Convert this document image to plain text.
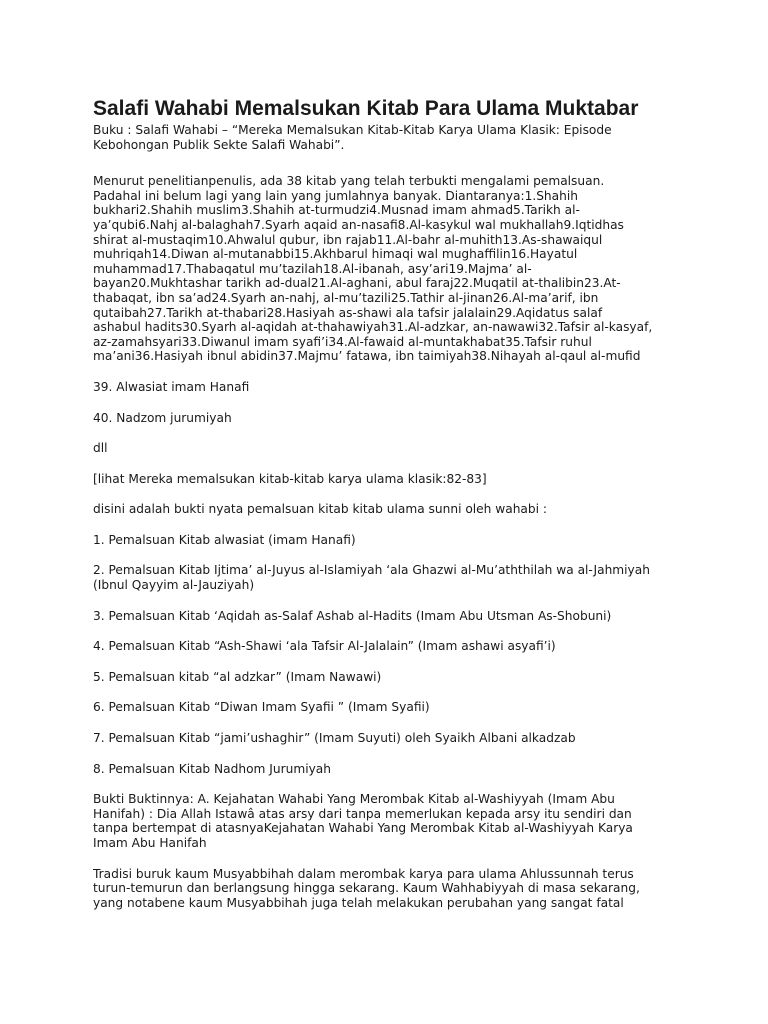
Salafi Wahabi Memalsukan Kitab Para Ulama Muktabar

Buku : Salafi Wahabi – “Mereka Memalsukan Kitab-Kitab Karya Ulama Klasik: Episode Kebohongan Publik Sekte Salafi Wahabi”.

Menurut penelitianpenulis, ada 38 kitab yang telah terbukti mengalami pemalsuan. Padahal ini belum lagi yang lain yang jumlahnya banyak. Diantaranya:1.Shahih bukhari2.Shahih muslim3.Shahih at-turmudzi4.Musnad imam ahmad5.Tarikh al-ya’qubi6.Nahj al-balaghah7.Syarh aqaid an-nasafi8.Al-kasykul wal mukhallah9.Iqtidhas shirat al-mustaqim10.Ahwalul qubur, ibn rajab11.Al-bahr al-muhith13.As-shawaiqul muhriqah14.Diwan al-mutanabbi15.Akhbarul himaqi wal mughaffilin16.Hayatul muhammad17.Thabaqatul mu’tazilah18.Al-ibanah, asy’ari19.Majma’ al-bayan20.Mukhtashar tarikh ad-dual21.Al-aghani, abul faraj22.Muqatil at-thalibin23.At-thabaqat, ibn sa’ad24.Syarh an-nahj, al-mu’tazili25.Tathir al-jinan26.Al-ma’arif, ibn qutaibah27.Tarikh at-thabari28.Hasiyah as-shawi ala tafsir jalalain29.Aqidatus salaf ashabul hadits30.Syarh al-aqidah at-thahawiyah31.Al-adzkar, an-nawawi32.Tafsir al-kasyaf, az-zamahsyari33.Diwanul imam syafi’i34.Al-fawaid al-muntakhabat35.Tafsir ruhul ma’ani36.Hasiyah ibnul abidin37.Majmu’ fatawa, ibn taimiyah38.Nihayah al-qaul al-mufid

39. Alwasiat imam Hanafi

40. Nadzom jurumiyah

dll

[lihat Mereka memalsukan kitab-kitab karya ulama klasik:82-83]

disini adalah bukti nyata pemalsuan kitab kitab ulama sunni oleh wahabi :

1. Pemalsuan Kitab alwasiat (imam Hanafi)

2. Pemalsuan Kitab Ijtima’ al-Juyus al-Islamiyah ‘ala Ghazwi al-Mu’aththilah wa al-Jahmiyah (Ibnul Qayyim al-Jauziyah)

3. Pemalsuan Kitab ‘Aqidah as-Salaf Ashab al-Hadits (Imam Abu Utsman As-Shobuni)

4. Pemalsuan Kitab “Ash-Shawi ‘ala Tafsir Al-Jalalain” (Imam ashawi asyafi’i)

5. Pemalsuan kitab “al adzkar” (Imam Nawawi)

6. Pemalsuan Kitab “Diwan Imam Syafii ” (Imam Syafii)

7. Pemalsuan Kitab “jami’ushaghir” (Imam Suyuti) oleh Syaikh Albani alkadzab

8. Pemalsuan Kitab Nadhom Jurumiyah

Bukti Buktinnya: A. Kejahatan Wahabi Yang Merombak Kitab al-Washiyyah (Imam Abu Hanifah) : Dia Allah Istawâ atas arsy dari tanpa memerlukan kepada arsy itu sendiri dan tanpa bertempat di atasnyaKejahatan Wahabi Yang Merombak Kitab al-Washiyyah Karya Imam Abu Hanifah

Tradisi buruk kaum Musyabbihah dalam merombak karya para ulama Ahlussunnah terus turun-temurun dan berlangsung hingga sekarang. Kaum Wahhabiyyah di masa sekarang, yang notabene kaum Musyabbihah juga telah melakukan perubahan yang sangat fatal
